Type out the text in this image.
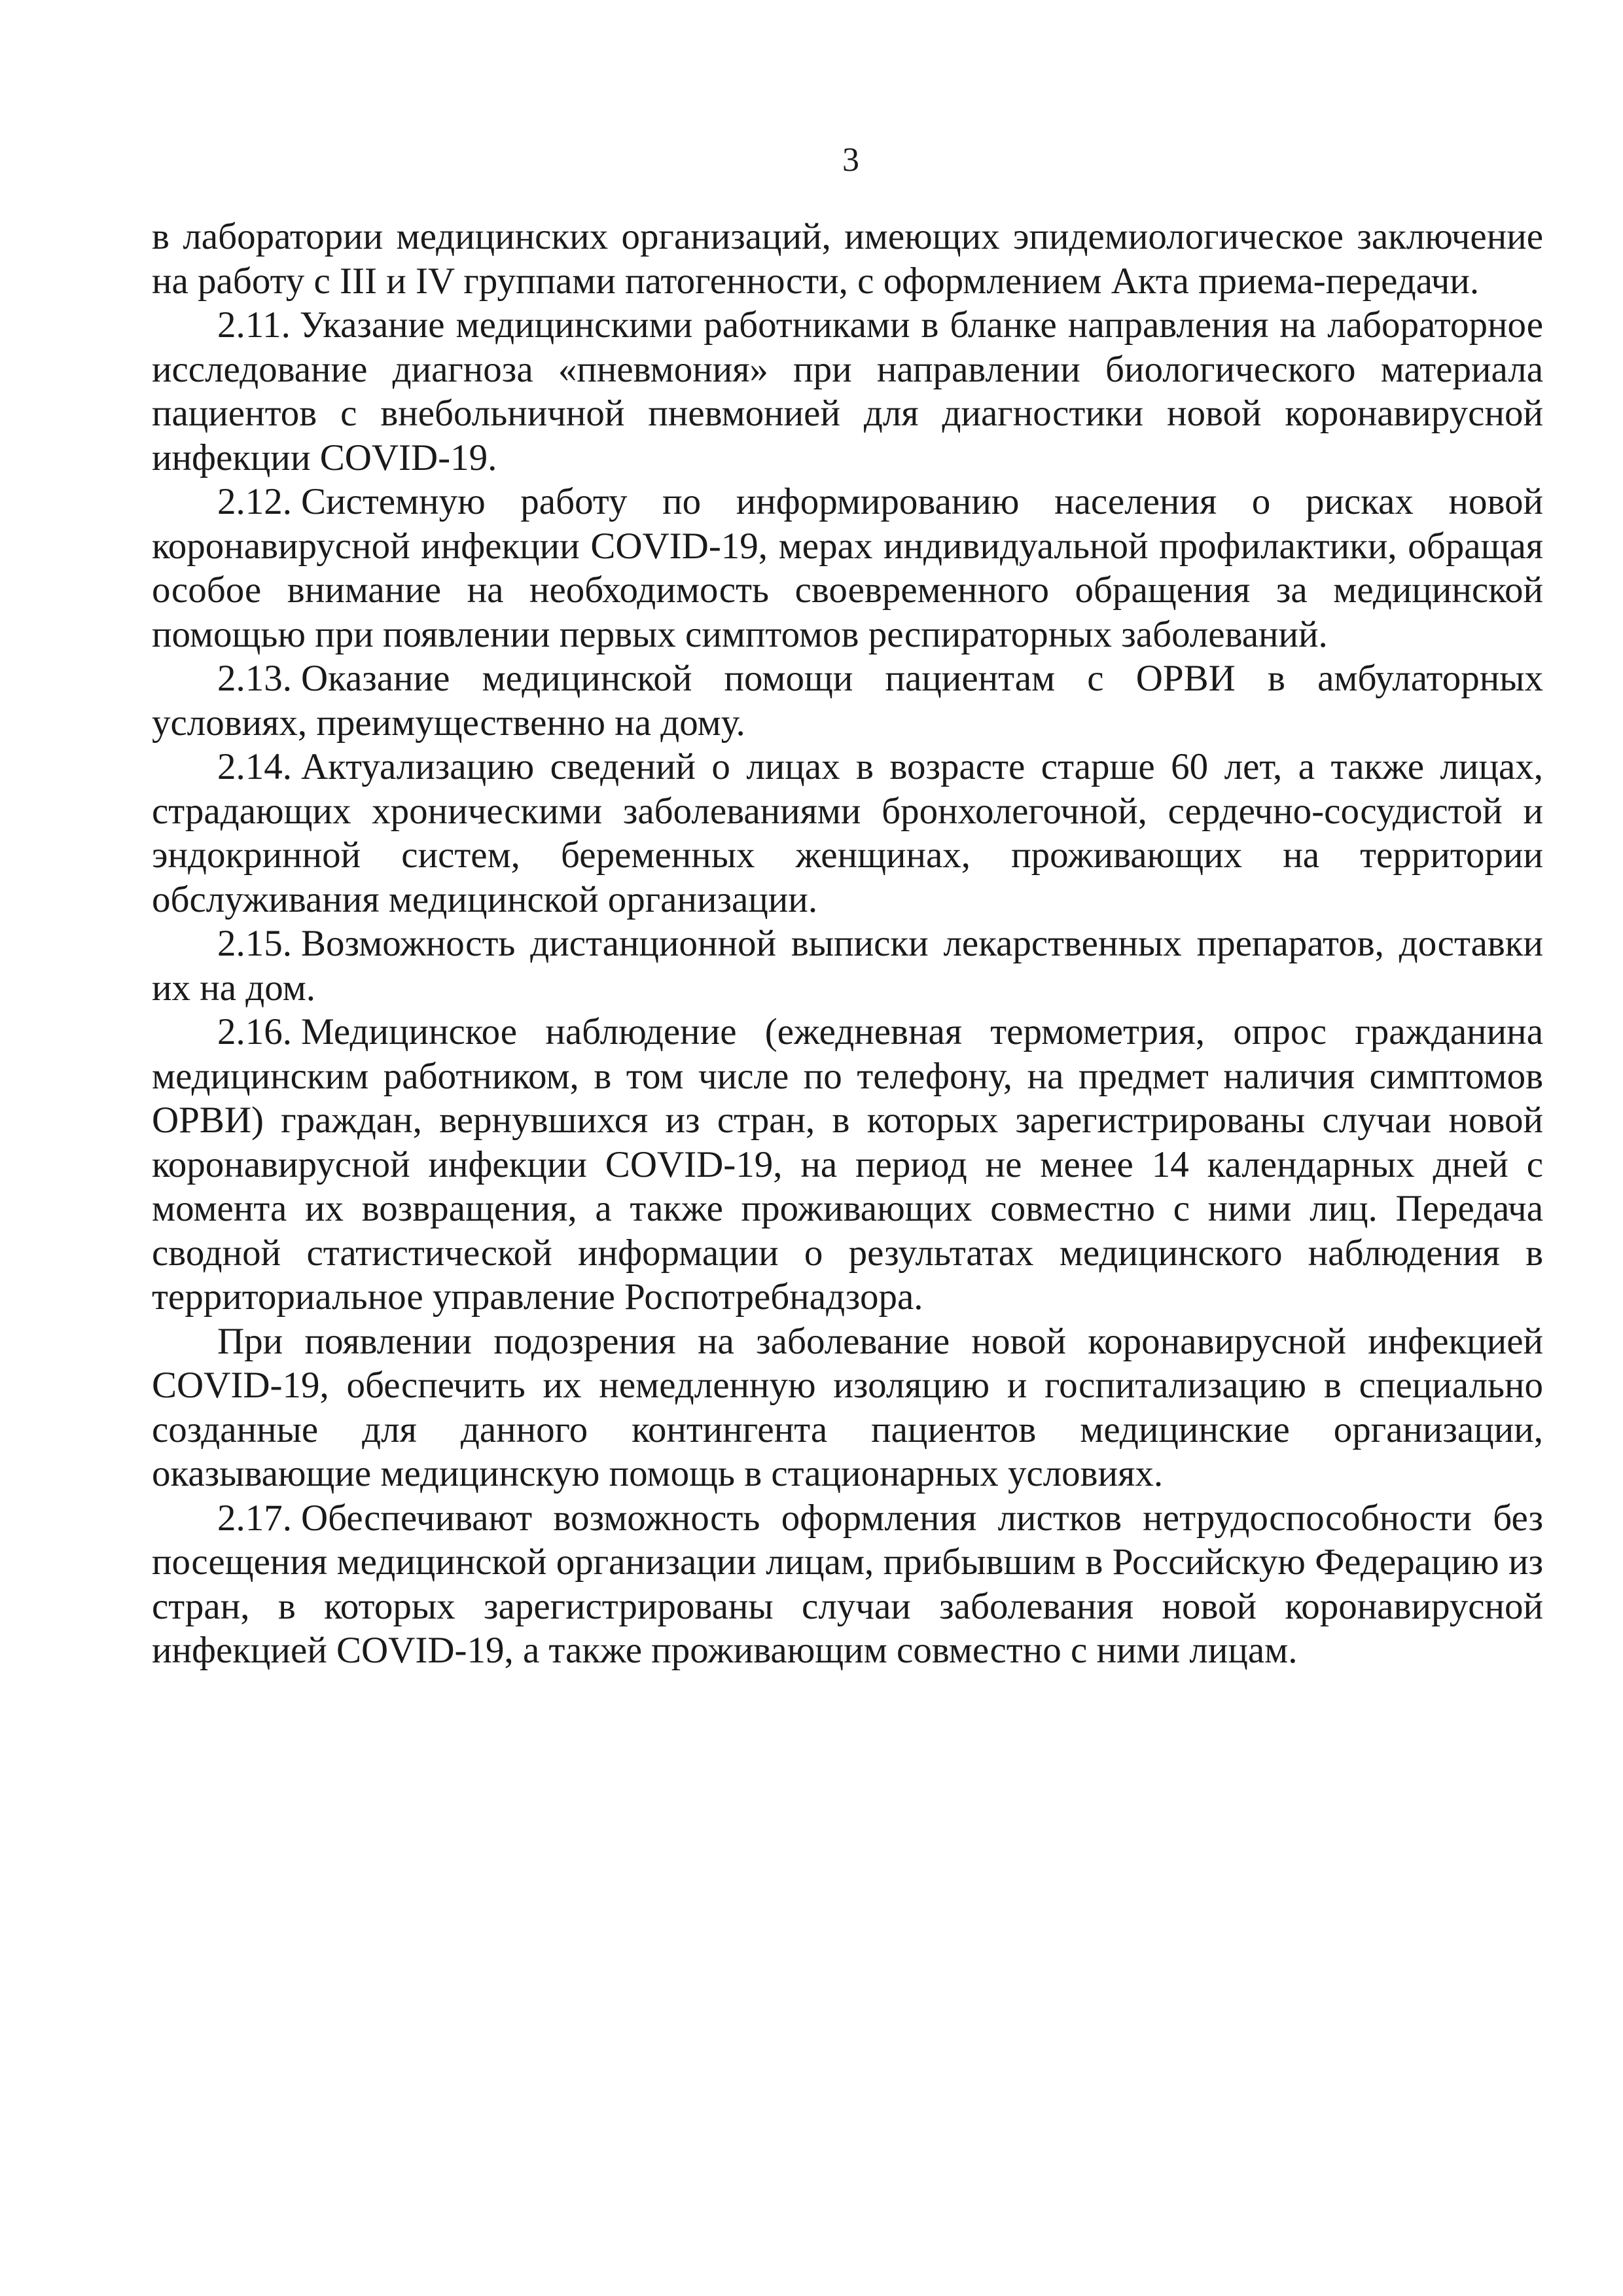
3

в лаборатории медицинских организаций, имеющих эпидемиологическое заключение на работу с III и IV группами патогенности, с оформлением Акта приема-передачи.

2.11. Указание медицинскими работниками в бланке направления на лабораторное исследование диагноза «пневмония» при направлении биологического материала пациентов с внебольничной пневмонией для диагностики новой коронавирусной инфекции COVID-19.

2.12. Системную работу по информированию населения о рисках новой коронавирусной инфекции COVID-19, мерах индивидуальной профилактики, обращая особое внимание на необходимость своевременного обращения за медицинской помощью при появлении первых симптомов респираторных заболеваний.

2.13. Оказание медицинской помощи пациентам с ОРВИ в амбулаторных условиях, преимущественно на дому.

2.14. Актуализацию сведений о лицах в возрасте старше 60 лет, а также лицах, страдающих хроническими заболеваниями бронхолегочной, сердечно-сосудистой и эндокринной систем, беременных женщинах, проживающих на территории обслуживания медицинской организации.

2.15. Возможность дистанционной выписки лекарственных препаратов, доставки их на дом.

2.16. Медицинское наблюдение (ежедневная термометрия, опрос гражданина медицинским работником, в том числе по телефону, на предмет наличия симптомов ОРВИ) граждан, вернувшихся из стран, в которых зарегистрированы случаи новой коронавирусной инфекции COVID-19, на период не менее 14 календарных дней с момента их возвращения, а также проживающих совместно с ними лиц. Передача сводной статистической информации о результатах медицинского наблюдения в территориальное управление Роспотребнадзора.

При появлении подозрения на заболевание новой коронавирусной инфекцией COVID-19, обеспечить их немедленную изоляцию и госпитализацию в специально созданные для данного контингента пациентов медицинские организации, оказывающие медицинскую помощь в стационарных условиях.

2.17. Обеспечивают возможность оформления листков нетрудоспособности без посещения медицинской организации лицам, прибывшим в Российскую Федерацию из стран, в которых зарегистрированы случаи заболевания новой коронавирусной инфекцией COVID-19, а также проживающим совместно с ними лицам.
